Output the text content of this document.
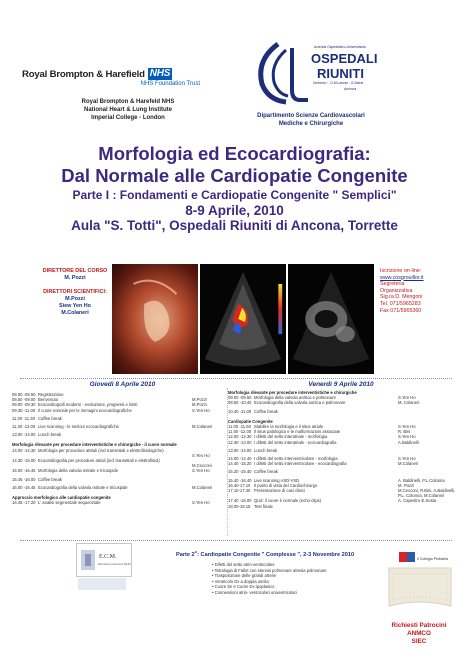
Royal Brompton & Harefield NHS
NHS Foundation Trust
Royal Brompton & Harefeld NHS
National Heart & Lung Institute
Imperial College - London
Azienda Ospedaliero-Universitaria
OSPEDALI
RIUNITI
Umberto I - G.M.Lancisi - G.Salesi
Ancona
Dipartimento Scienze Cardiovascolari
Mediche e Chirurgiche
Morfologia ed Ecocardiografia:
Dal Normale alle Cardiopatie Congenite
Parte I : Fondamenti e Cardiopatie Congenite " Semplici"
8-9 Aprile, 2010
Aula "S. Totti", Ospedali Riuniti di Ancona, Torrette
DIRETTORE DEL CORSO
M. Pozzi
DIRETTORI SCIENTIFICI:
M.Pozzi
Siew Yen Ho
M.Colaneri
Iscrizione on-line:
www.cosgrouillor.it
Segreteria
Organizzativa
Sig.ra D. Mengoni
Tel. 071/5965283
Fax 071/5965360
Giovedì 8 Aprile 2010	Venerdì 9 Aprile 2010
08.00 -08.50 Registrazione
08.50 -09.00 Benvenuto	M.Pozzi
09.00 -09.30 Ecocardiografi moderni - evoluzione, progressi e limiti	M.Pozzi
09.30 -11.00 Il cuore normale per le immagini ecocardiografiche	S.Yen Ho
11.00 -11.30 Coffee break
11.30 -13.00 Live scanning - le sezioni ecocardiografiche	M.Colaneri
13.00 -14.00 Lunch break
Morfologia rilevante per procedure interventistiche e chirurgiche - il cuore normale
14.00 -14.30 Morfologia per procedure attriali (incl transettali e elettrofisiologiche)
S.Yen Ho
14.30 -15.00 Ecocardiografia per procedure atriali (incl transettali e elettrofisiol)
M.Cecconi
15.00 -15.45 Morfologia della valvola mitrale e tricuspide	S.Yen Ho
15.45 -16.00 Coffee break
16.00 -16.45 Ecocardiografia della valvola mitrale e tricuspide	M.Colaneri
Approccio morfologico alle cardiopatie congenite
16.45 -17.20 L' analisi segmentale sequenziale	S.Yen Ho
Morfologia rilevante per procedure interventistiche e chirurgiche
09.00 -09.50 Morfologia della valvola aortica e polmonare	S.Yen Ho
09.50 -10.40 Ecocardiografia della valvola aortica e polmonare	M. Colaneri
10.40 -11.00 Coffee break
Cardiopatie Congenite
11.00 -11.50 Stabilire la morfologia e il situs atriale	S.Yen Ho
11.50 -12.00 Il situs patologico e le malformazioni associate	R. Bini
12.00 -12.30 I difetti del setto interatriale - morfologia	S.Yen Ho
12.30 -13.00 I difetti del setto interatriale - ecocardiografia	A.Baldinelli
13.00 -14.00 Lunch break
14.00 -14.40 I difetti del setto interventricolare - morfologia	S.Yen Ho
14.40 -15.20 I difetti del setto interventricolare - ecocardiografia	M.Colaneri
15.20 -15.40 Coffee break
15.40 -16.40 Live scanning ASD-VSD	A. Baldinelli, P.L.Colonna
16.40-17.10 Il punto di vista del Cardiochirurgo	M. Pozzi
17.10-17.40 Presentazione di casi clinici	M.Cecconi, R.Bini, A.Baldinelli,
P.L. Colonna, M.Colaneri
17.40 -18.00 Quiz: il cuore è normale (echo-clips)	A. Capestro-E.Sosta
18.00-18.15 Test finale
Parte 2$^o$: Cardiopatie Congenite " Complesse ", 2-3 Novembre 2010
• Difetti del setto atrio-ventricolare
• Tetralogia di Fallot con stenosi polmonare atresia polmonare
• Trasposizione delle grandi arterie
• Ventricolo Dx a doppia uscita
• Cuore Sn e Cuore Dx ipoplasico
• Connessioni atrio- ventricolari univentricolari
E.C.M.
Educazione Continua in Medicina
Il Collegio Pediatria
Richiesti Patrocini
ANMCO
SIEC
